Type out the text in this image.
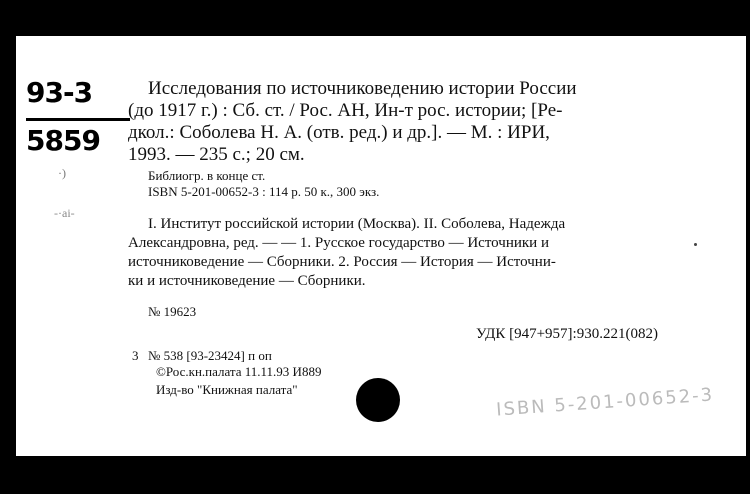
93-3
5859
·)
-·аі-
Исследования по источниковедению истории России
(до 1917 г.) : Сб. ст. / Рос. АН, Ин-т рос. истории; [Ре-
дкол.: Соболева Н. А. (отв. ред.) и др.]. — М. : ИРИ,
1993. — 235 с.; 20 см.
Библиогр. в конце ст.
ISBN 5-201-00652-3 : 114 р. 50 к., 300 экз.
I. Институт российской истории (Москва). II. Соболева, Надежда
Александровна, ред. — — 1. Русское государство — Источники и
источниковедение — Сборники. 2. Россия — История — Источни-
ки и источниковедение — Сборники.
№ 19623
УДК [947+957]:930.221(082)
3 № 538 [93-23424] п оп
©Рос.кн.палата 11.11.93 И889
Изд-во "Книжная палата"	ISBN 5-201-00652-3
